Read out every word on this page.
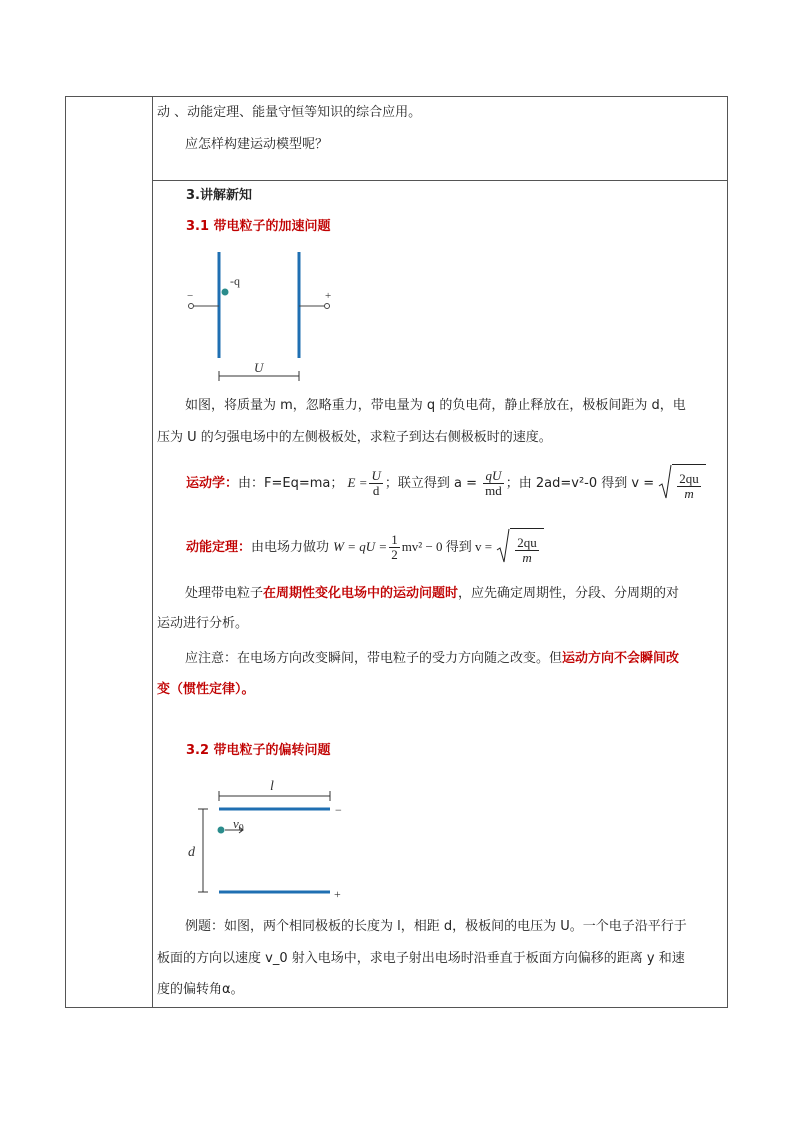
动 、动能定理、能量守恒等知识的综合应用。
应怎样构建运动模型呢？
3.讲解新知
3.1 带电粒子的加速问题
-q
−	+
U
如图，将质量为 m，忽略重力，带电量为 q 的负电荷，静止释放在，极板间距为 d，电
压为 U 的匀强电场中的左侧极板处，求粒子到达右侧极板时的速度。
运动学：由：F=Eq=ma； $E = \frac{U}{d}$ ；联立得到 $a = \frac{qU}{md}$ ；由 2ad=v²-0 得到 $v = \frac{2qu}{m}$
动能定理：由电场力做功 W = qU = $\frac{1}{2} mv^2 - 0$ 得到 $v = \frac{2qu}{m}$
处理带电粒子在周期性变化电场中的运动问题时，应先确定周期性，分段、分周期的对
运动进行分析。
应注意：在电场方向改变瞬间，带电粒子的受力方向随之改变。但运动方向不会瞬间改
变（惯性定律）。
3.2 带电粒子的偏转问题
l
−
+
d
$v_0$
例题：如图，两个相同极板的长度为 l，相距 d，极板间的电压为 U。一个电子沿平行于
板面的方向以速度 v_0 射入电场中，求电子射出电场时沿垂直于板面方向偏移的距离 y 和速
度的偏转角α。
